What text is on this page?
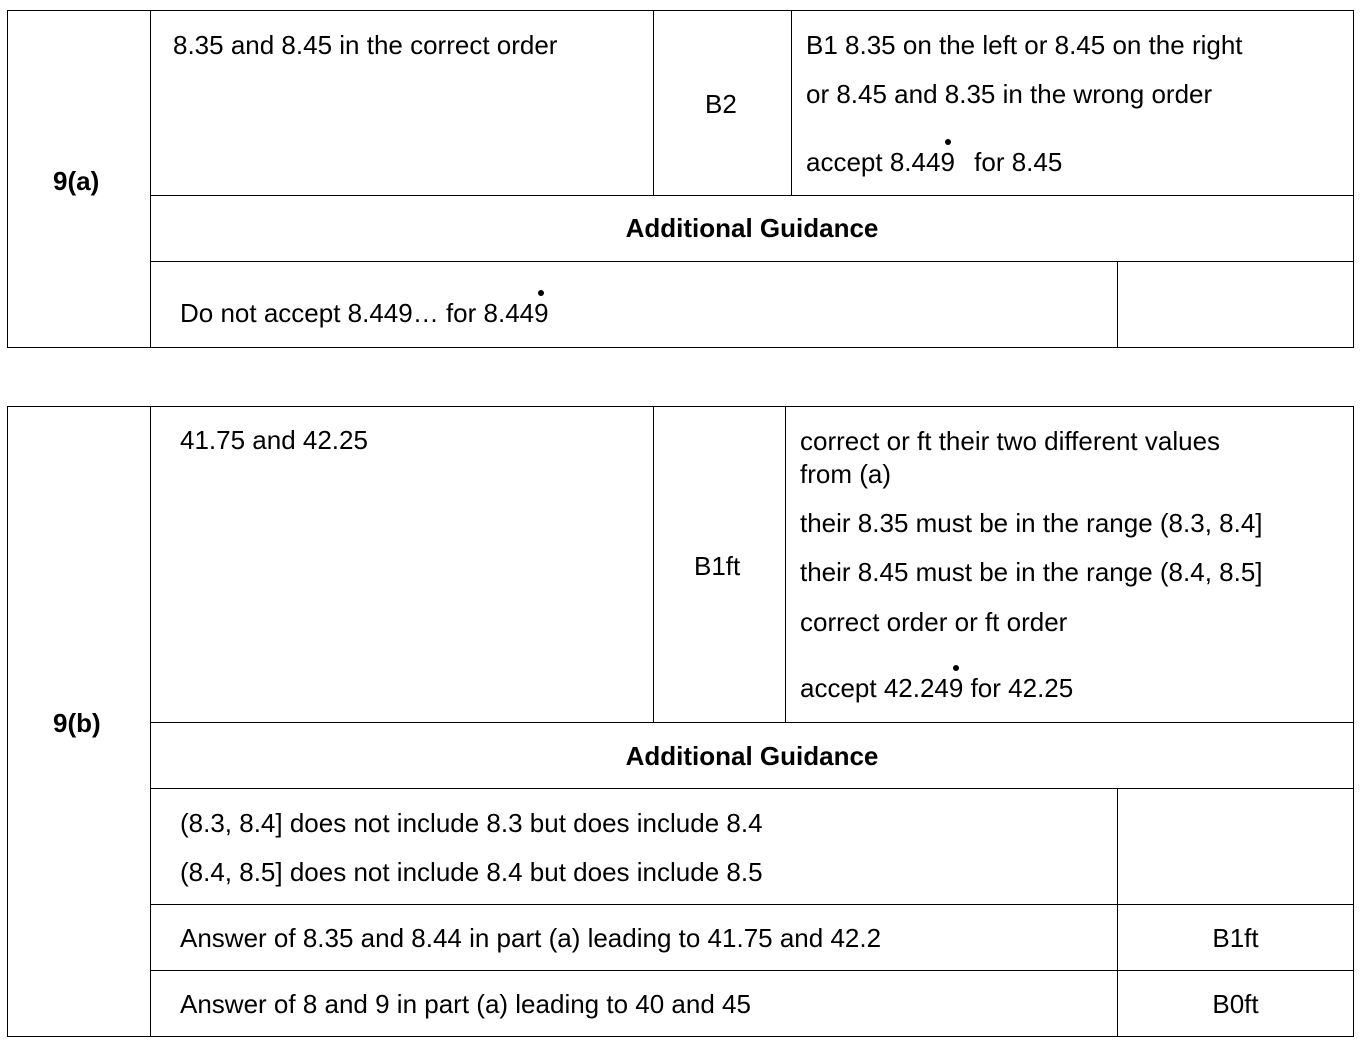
9(a)
8.35 and 8.45 in the correct order
B2
B1 8.35 on the left or 8.45 on the right
or 8.45 and 8.35 in the wrong order
accept 8.44
9 for 8.45
Additional Guidance
Do not accept 8.449… for 8.44
9
9(b)
41.75 and 42.25
B1ft
correct or ft their two different values
from (a)
their 8.35 must be in the range (8.3, 8.4]
their 8.45 must be in the range (8.4, 8.5]
correct order or ft order
accept 42.24
9 for 42.25
Additional Guidance
(8.3, 8.4] does not include 8.3 but does include 8.4
(8.4, 8.5] does not include 8.4 but does include 8.5
Answer of 8.35 and 8.44 in part (a) leading to 41.75 and 42.2	B1ft
Answer of 8 and 9 in part (a) leading to 40 and 45	B0ft
